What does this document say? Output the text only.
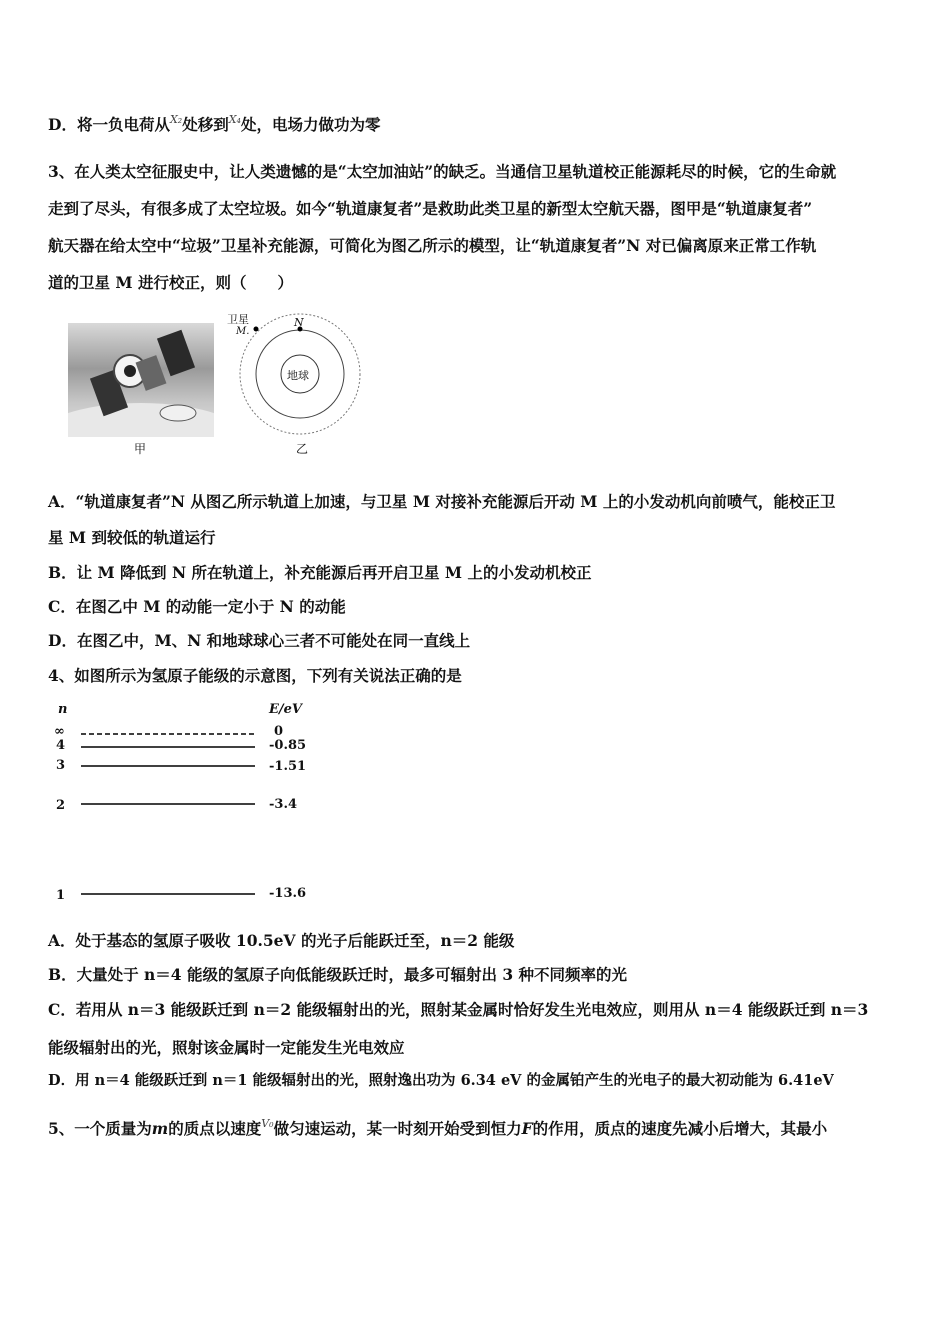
D．将一负电荷从$^{X_2}$处移到$^{X_4}$处，电场力做功为零
3、在人类太空征服史中，让人类遗憾的是“太空加油站”的缺乏。当通信卫星轨道校正能源耗尽的时候，它的生命就
走到了尽头，有很多成了太空垃圾。如今“轨道康复者”是救助此类卫星的新型太空航天器，图甲是“轨道康复者”
航天器在给太空中“垃圾”卫星补充能源，可简化为图乙所示的模型，让“轨道康复者”N 对已偏离原来正常工作轨
道的卫星 M 进行校正，则（　　）
甲
卫星
M.
N
地球
乙
A．“轨道康复者”N 从图乙所示轨道上加速，与卫星 M 对接补充能源后开动 M 上的小发动机向前喷气，能校正卫
星 M 到较低的轨道运行
B．让 M 降低到 N 所在轨道上，补充能源后再开启卫星 M 上的小发动机校正
C．在图乙中 M 的动能一定小于 N 的动能
D．在图乙中，M、N 和地球球心三者不可能处在同一直线上
4、如图所示为氢原子能级的示意图，下列有关说法正确的是
n	E/eV
∞	0
4	-0.85
3	-1.51
2	-3.4
1	-13.6
A．处于基态的氢原子吸收 10.5eV 的光子后能跃迁至，n＝2 能级
B．大量处于 n＝4 能级的氢原子向低能级跃迁时，最多可辐射出 3 种不同频率的光
C．若用从 n＝3 能级跃迁到 n＝2 能级辐射出的光，照射某金属时恰好发生光电效应，则用从 n＝4 能级跃迁到 n＝3
能级辐射出的光，照射该金属时一定能发生光电效应
D．用 n＝4 能级跃迁到 n＝1 能级辐射出的光，照射逸出功为 6.34 eV 的金属铂产生的光电子的最大初动能为 6.41eV
5、一个质量为m的质点以速度$^{V_0}$做匀速运动，某一时刻开始受到恒力F的作用，质点的速度先减小后增大，其最小
